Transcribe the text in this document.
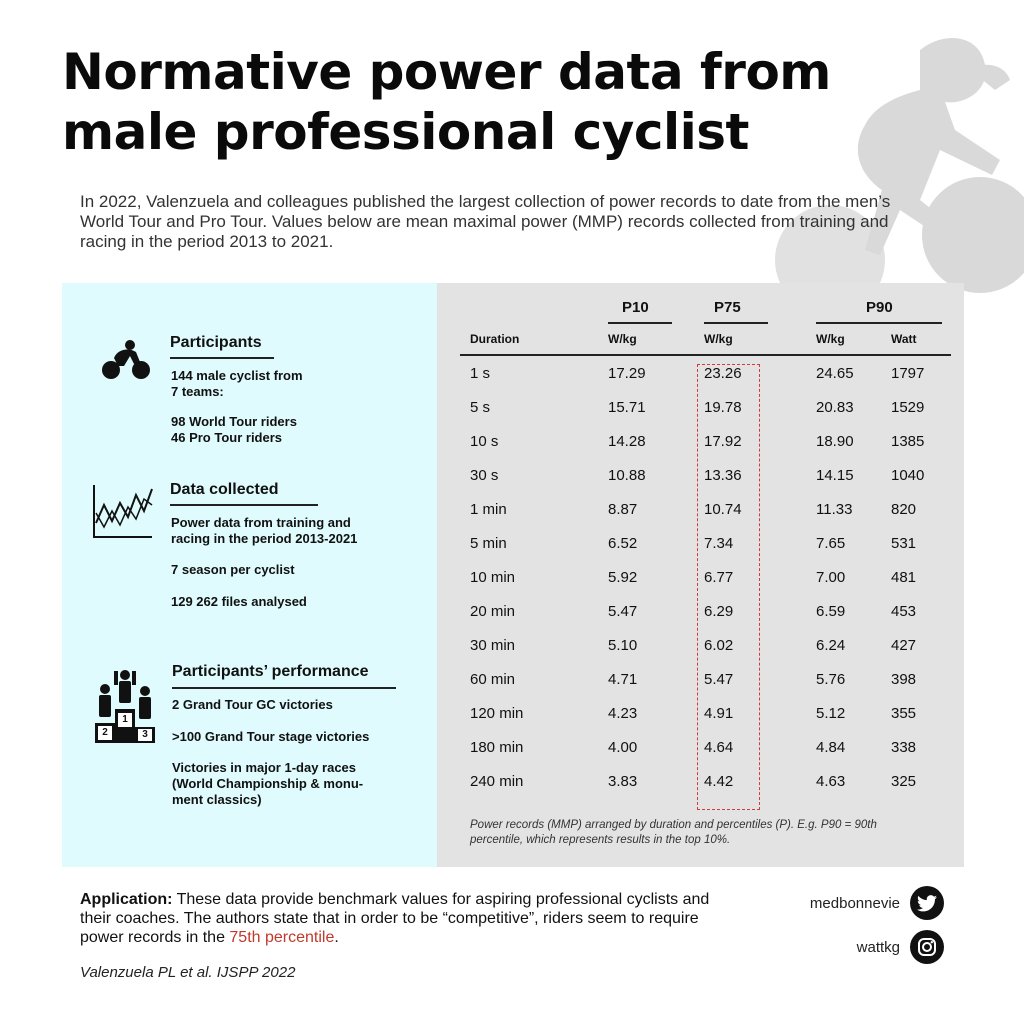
Normative power data from
male professional cyclist

In 2022, Valenzuela and colleagues published the largest collection of power records to date from the men’s World Tour and Pro Tour. Values below are mean maximal power (MMP) records collected from training and racing in the period 2013 to 2021.

Participants

144 male cyclist from
7 teams:

98 World Tour riders
46 Pro Tour riders

Data collected

Power data from training and
racing in the period 2013-2021

7 season per cyclist

129 262 files analysed

2
1
3
Participants’ performance

2 Grand Tour GC victories

>100 Grand Tour stage victories

Victories in major 1-day races
(World Championship & monu-
ment classics)

	P10	P75	P90	

Duration	W/kg	W/kg	W/kg	Watt
1 s	17.29	23.26	24.65	1797
5 s	15.71	19.78	20.83	1529
10 s	14.28	17.92	18.90	1385
30 s	10.88	13.36	14.15	1040
1 min	8.87	10.74	11.33	820
5 min	6.52	7.34	7.65	531
10 min	5.92	6.77	7.00	481
20 min	5.47	6.29	6.59	453
30 min	5.10	6.02	6.24	427
60 min	4.71	5.47	5.76	398
120 min	4.23	4.91	5.12	355
180 min	4.00	4.64	4.84	338
240 min	3.83	4.42	4.63	325

Power records (MMP) arranged by duration and percentiles (P). E.g. P90 = 90th percentile, which represents results in the top 10%.

Application: These data provide benchmark values for aspiring professional cyclists and their coaches. The authors state that in order to be “competitive”, riders seem to require power records in the 75th percentile.

Valenzuela PL et al. IJSPP 2022

medbonnevie
wattkg
